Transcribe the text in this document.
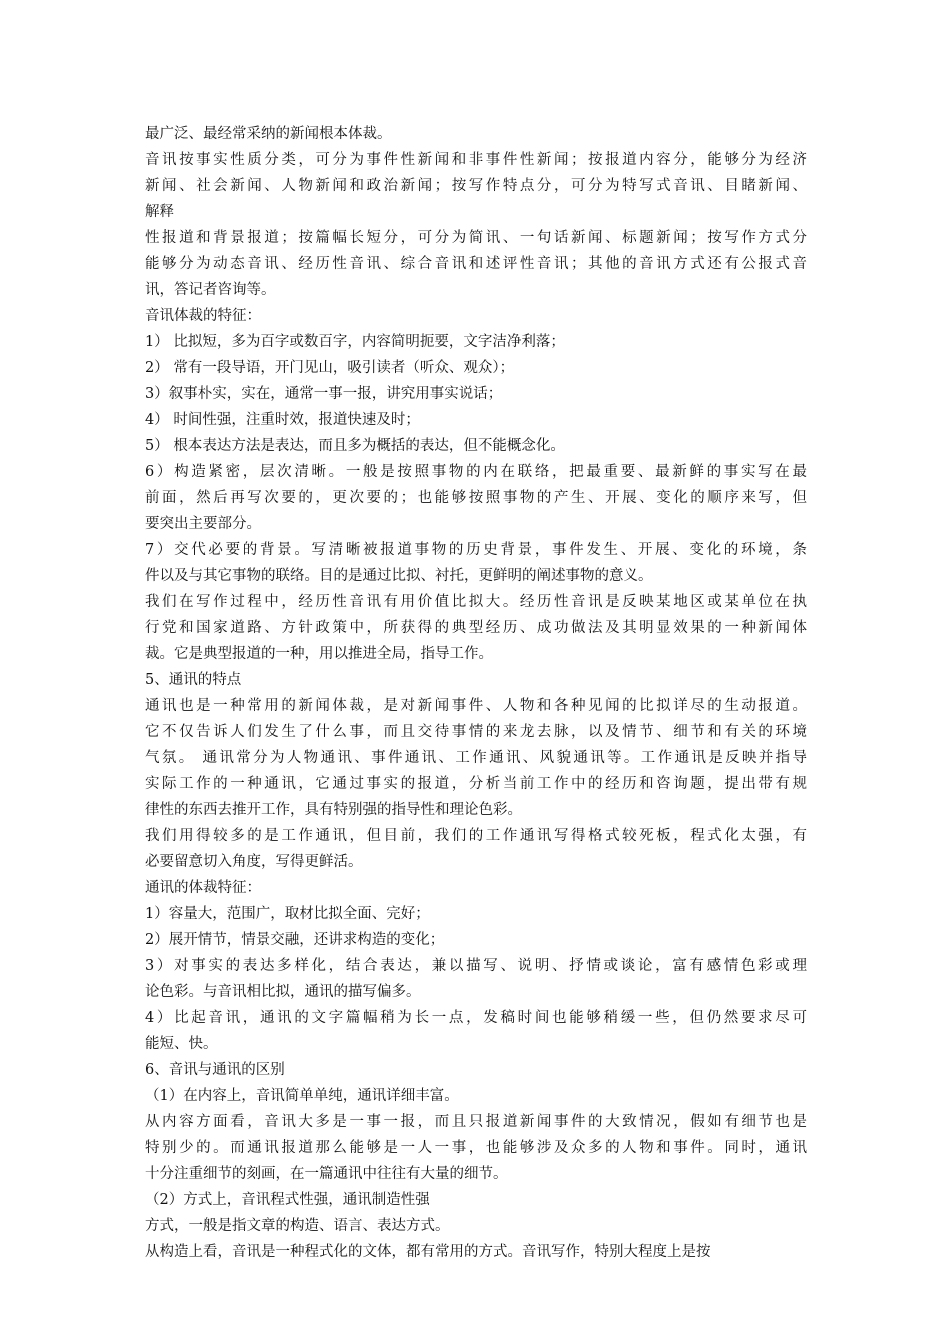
最广泛、最经常采纳的新闻根本体裁。
音讯按事实性质分类，可分为事件性新闻和非事件性新闻；按报道内容分，能够分为经济
新闻、社会新闻、人物新闻和政治新闻；按写作特点分，可分为特写式音讯、目睹新闻、
解释
性报道和背景报道；按篇幅长短分，可分为简讯、一句话新闻、标题新闻；按写作方式分
能够分为动态音讯、经历性音讯、综合音讯和述评性音讯；其他的音讯方式还有公报式音
讯，答记者咨询等。
音讯体裁的特征：
1） 比拟短，多为百字或数百字，内容简明扼要，文字洁净利落；
2） 常有一段导语，开门见山，吸引读者（听众、观众）；
3）叙事朴实，实在，通常一事一报，讲究用事实说话；
4） 时间性强，注重时效，报道快速及时；
5） 根本表达方法是表达，而且多为概括的表达，但不能概念化。
6）构造紧密，层次清晰。一般是按照事物的内在联络，把最重要、最新鲜的事实写在最
前面，然后再写次要的，更次要的；也能够按照事物的产生、开展、变化的顺序来写，但
要突出主要部分。
7）交代必要的背景。写清晰被报道事物的历史背景，事件发生、开展、变化的环境，条
件以及与其它事物的联络。目的是通过比拟、衬托，更鲜明的阐述事物的意义。
我们在写作过程中，经历性音讯有用价值比拟大。经历性音讯是反映某地区或某单位在执
行党和国家道路、方针政策中，所获得的典型经历、成功做法及其明显效果的一种新闻体
裁。它是典型报道的一种，用以推进全局，指导工作。
5、通讯的特点
通讯也是一种常用的新闻体裁，是对新闻事件、人物和各种见闻的比拟详尽的生动报道。
它不仅告诉人们发生了什么事，而且交待事情的来龙去脉，以及情节、细节和有关的环境
气氛。 通讯常分为人物通讯、事件通讯、工作通讯、风貌通讯等。工作通讯是反映并指导
实际工作的一种通讯，它通过事实的报道，分析当前工作中的经历和咨询题，提出带有规
律性的东西去推开工作，具有特别强的指导性和理论色彩。
我们用得较多的是工作通讯，但目前，我们的工作通讯写得格式较死板，程式化太强，有
必要留意切入角度，写得更鲜活。
通讯的体裁特征：
1）容量大，范围广，取材比拟全面、完好；
2）展开情节，情景交融，还讲求构造的变化；
3）对事实的表达多样化，结合表达，兼以描写、说明、抒情或谈论，富有感情色彩或理
论色彩。与音讯相比拟，通讯的描写偏多。
4）比起音讯，通讯的文字篇幅稍为长一点，发稿时间也能够稍缓一些，但仍然要求尽可
能短、快。
6、音讯与通讯的区别
（1）在内容上，音讯简单单纯，通讯详细丰富。
从内容方面看，音讯大多是一事一报，而且只报道新闻事件的大致情况，假如有细节也是
特别少的。而通讯报道那么能够是一人一事，也能够涉及众多的人物和事件。同时，通讯
十分注重细节的刻画，在一篇通讯中往往有大量的细节。
（2）方式上，音讯程式性强，通讯制造性强
方式，一般是指文章的构造、语言、表达方式。
从构造上看，音讯是一种程式化的文体，都有常用的方式。音讯写作，特别大程度上是按
